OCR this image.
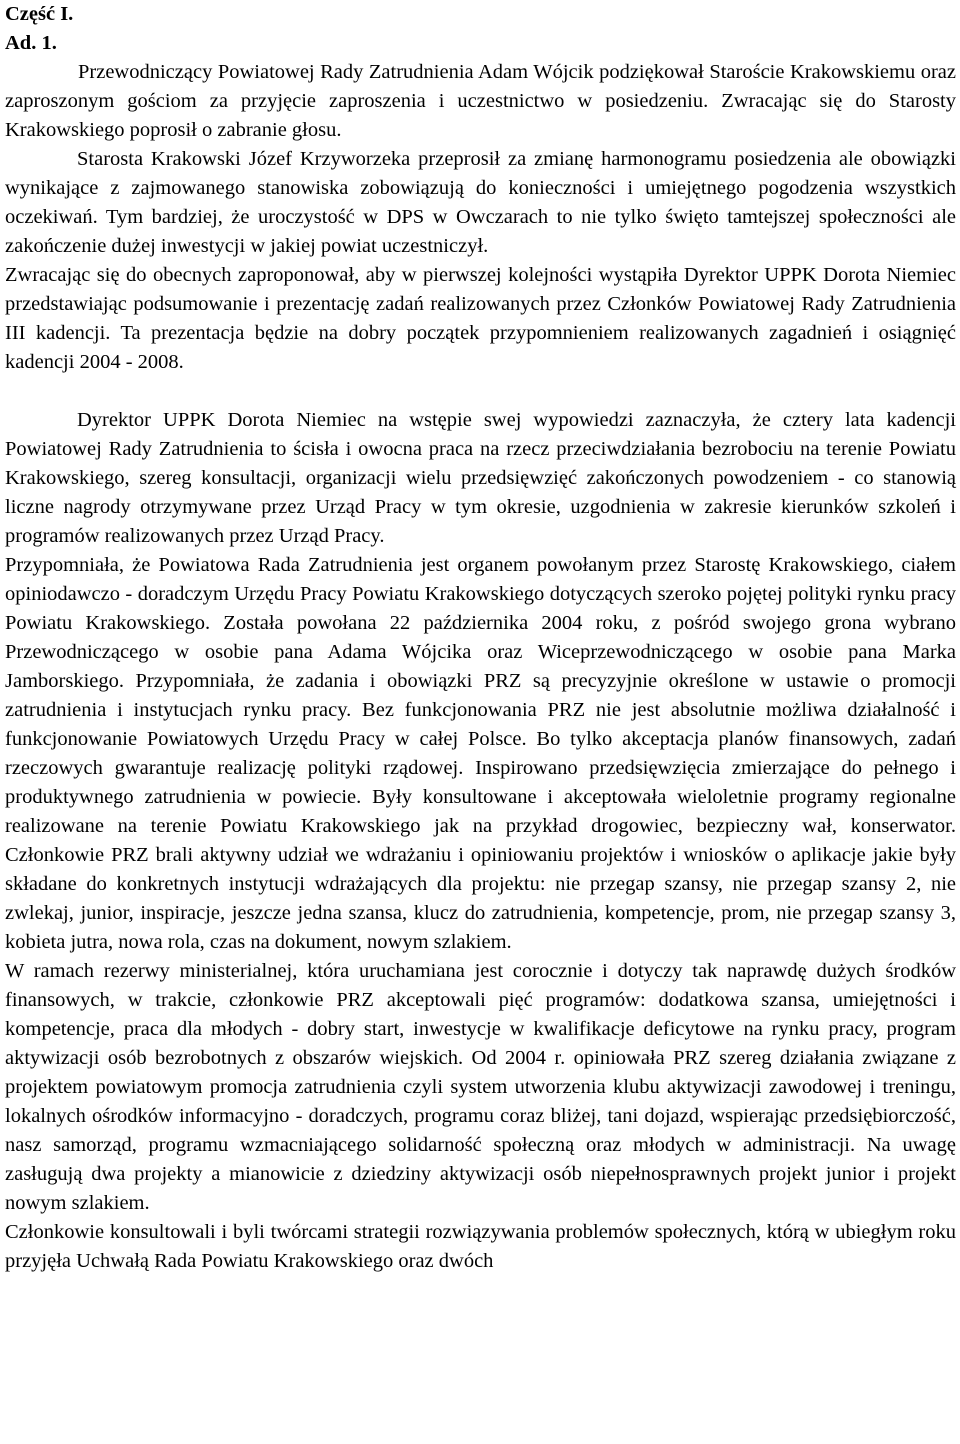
Część I.

Ad. 1.

Przewodniczący Powiatowej Rady Zatrudnienia Adam Wójcik podziękował Staroście Krakowskiemu oraz zaproszonym gościom za przyjęcie zaproszenia i uczestnictwo w posiedzeniu. Zwracając się do Starosty Krakowskiego poprosił o zabranie głosu.

Starosta Krakowski Józef Krzyworzeka przeprosił za zmianę harmonogramu posiedzenia ale obowiązki wynikające z zajmowanego stanowiska zobowiązują do konieczności i umiejętnego pogodzenia wszystkich oczekiwań. Tym bardziej, że uroczystość w DPS w Owczarach to nie tylko święto tamtejszej społeczności ale zakończenie dużej inwestycji w jakiej powiat uczestniczył.

Zwracając się do obecnych zaproponował, aby w pierwszej kolejności wystąpiła Dyrektor UPPK Dorota Niemiec przedstawiając podsumowanie i prezentację zadań realizowanych przez Członków Powiatowej Rady Zatrudnienia III kadencji. Ta prezentacja będzie na dobry początek przypomnieniem realizowanych zagadnień i osiągnięć kadencji 2004 - 2008.

Dyrektor UPPK Dorota Niemiec na wstępie swej wypowiedzi zaznaczyła, że cztery lata kadencji Powiatowej Rady Zatrudnienia to ścisła i owocna praca na rzecz przeciwdziałania bezrobociu na terenie Powiatu Krakowskiego, szereg konsultacji, organizacji wielu przedsięwzięć zakończonych powodzeniem - co stanowią liczne nagrody otrzymywane przez Urząd Pracy w tym okresie, uzgodnienia w zakresie kierunków szkoleń i programów realizowanych przez Urząd Pracy.

Przypomniała, że Powiatowa Rada Zatrudnienia jest organem powołanym przez Starostę Krakowskiego, ciałem opiniodawczo - doradczym Urzędu Pracy Powiatu Krakowskiego dotyczących szeroko pojętej polityki rynku pracy Powiatu Krakowskiego. Została powołana 22 października 2004 roku, z pośród swojego grona wybrano Przewodniczącego w osobie pana Adama Wójcika oraz Wiceprzewodniczącego w osobie pana Marka Jamborskiego. Przypomniała, że zadania i obowiązki PRZ są precyzyjnie określone w ustawie o promocji zatrudnienia i instytucjach rynku pracy. Bez funkcjonowania PRZ nie jest absolutnie możliwa działalność i funkcjonowanie Powiatowych Urzędu Pracy w całej Polsce. Bo tylko akceptacja planów finansowych, zadań rzeczowych gwarantuje realizację polityki rządowej. Inspirowano przedsięwzięcia zmierzające do pełnego i produktywnego zatrudnienia w powiecie. Były konsultowane i akceptowała wieloletnie programy regionalne realizowane na terenie Powiatu Krakowskiego jak na przykład drogowiec, bezpieczny wał, konserwator. Członkowie PRZ brali aktywny udział we wdrażaniu i opiniowaniu projektów i wniosków o aplikacje jakie były składane do konkretnych instytucji wdrażających dla projektu: nie przegap szansy, nie przegap szansy 2, nie zwlekaj, junior, inspiracje, jeszcze jedna szansa, klucz do zatrudnienia, kompetencje, prom, nie przegap szansy 3, kobieta jutra, nowa rola, czas na dokument, nowym szlakiem.

W ramach rezerwy ministerialnej, która uruchamiana jest corocznie i dotyczy tak naprawdę dużych środków finansowych, w trakcie, członkowie PRZ akceptowali pięć programów: dodatkowa szansa, umiejętności i kompetencje, praca dla młodych - dobry start, inwestycje w kwalifikacje deficytowe na rynku pracy, program aktywizacji osób bezrobotnych z obszarów wiejskich. Od 2004 r. opiniowała PRZ szereg działania związane z projektem powiatowym promocja zatrudnienia czyli system utworzenia klubu aktywizacji zawodowej i treningu, lokalnych ośrodków informacyjno - doradczych, programu coraz bliżej, tani dojazd, wspierając przedsiębiorczość, nasz samorząd, programu wzmacniającego solidarność społeczną oraz młodych w administracji. Na uwagę zasługują dwa projekty a mianowicie z dziedziny aktywizacji osób niepełnosprawnych projekt junior i projekt nowym szlakiem.

Członkowie konsultowali i byli twórcami strategii rozwiązywania problemów społecznych, którą w ubiegłym roku przyjęła Uchwałą Rada Powiatu Krakowskiego oraz dwóch
